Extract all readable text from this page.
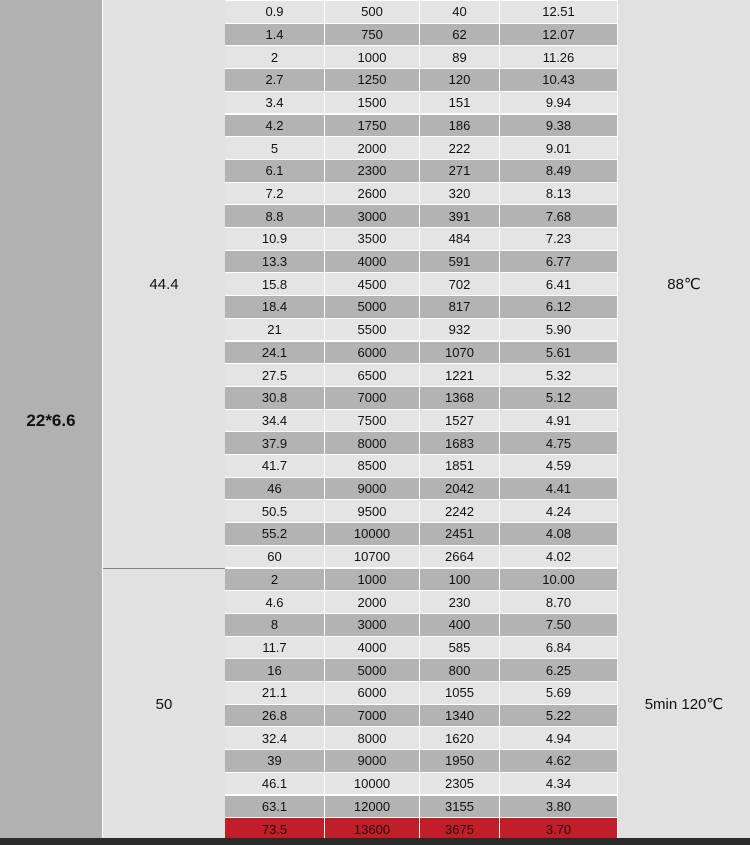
22*6.6
44.4	88℃
50	5min 120℃
0.9	500	40	12.51
1.4	750	62	12.07
2	1000	89	11.26
2.7	1250	120	10.43
3.4	1500	151	9.94
4.2	1750	186	9.38
5	2000	222	9.01
6.1	2300	271	8.49
7.2	2600	320	8.13
8.8	3000	391	7.68
10.9	3500	484	7.23
13.3	4000	591	6.77
15.8	4500	702	6.41
18.4	5000	817	6.12
21	5500	932	5.90
24.1	6000	1070	5.61
27.5	6500	1221	5.32
30.8	7000	1368	5.12
34.4	7500	1527	4.91
37.9	8000	1683	4.75
41.7	8500	1851	4.59
46	9000	2042	4.41
50.5	9500	2242	4.24
55.2	10000	2451	4.08
60	10700	2664	4.02
2	1000	100	10.00
4.6	2000	230	8.70
8	3000	400	7.50
11.7	4000	585	6.84
16	5000	800	6.25
21.1	6000	1055	5.69
26.8	7000	1340	5.22
32.4	8000	1620	4.94
39	9000	1950	4.62
46.1	10000	2305	4.34
63.1	12000	3155	3.80
73.5	13600	3675	3.70
